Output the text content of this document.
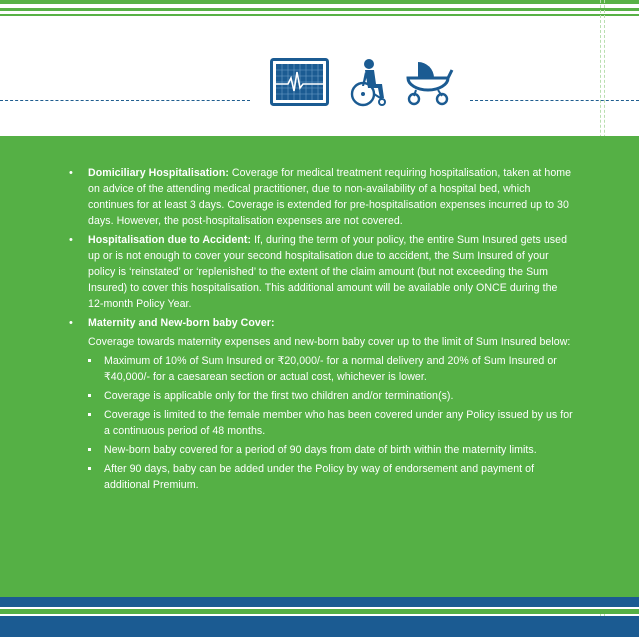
•	Domiciliary Hospitalisation: Coverage for medical treatment requiring hospitalisation, taken at home on advice of the attending medical practitioner, due to non-availability of a hospital bed, which continues for at least 3 days. Coverage is extended for pre-hospitalisation expenses incurred up to 30 days. However, the post-hospitalisation expenses are not covered.
•	Hospitalisation due to Accident: If, during the term of your policy, the entire Sum Insured gets used up or is not enough to cover your second hospitalisation due to accident, the Sum Insured of your policy is ‘reinstated’ or ‘replenished’ to the extent of the claim amount (but not exceeding the Sum Insured) to cover this hospitalisation. This additional amount will be available only ONCE during the 12-month Policy Year.
•	Maternity and New-born baby Cover:
Coverage towards maternity expenses and new-born baby cover up to the limit of Sum Insured below:
Maximum of 10% of Sum Insured or ₹20,000/- for a normal delivery and 20% of Sum Insured or ₹40,000/- for a caesarean section or actual cost, whichever is lower.
Coverage is applicable only for the first two children and/or termination(s).
Coverage is limited to the female member who has been covered under any Policy issued by us for a continuous period of 48 months.
New-born baby covered for a period of 90 days from date of birth within the maternity limits.
After 90 days, baby can be added under the Policy by way of endorsement and payment of additional Premium.
